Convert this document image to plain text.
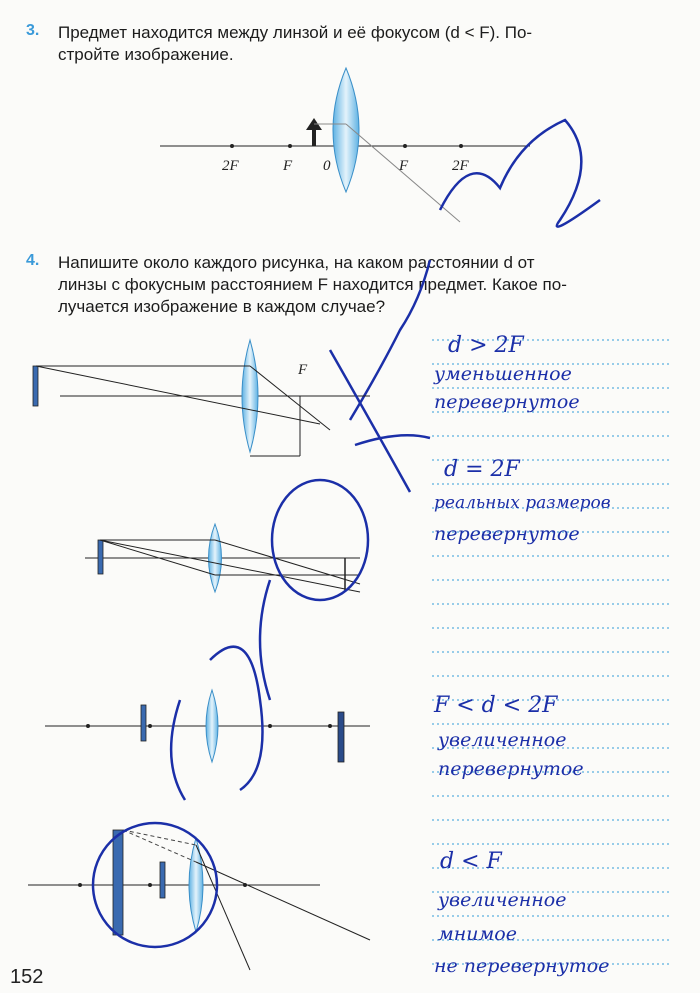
3. Предмет находится между линзой и её фокусом (d < F). По-
стройте изображение.
4. Напишите около каждого рисунка, на каком расстоянии d от
линзы с фокусным расстоянием F находится предмет. Какое по-
лучается изображение в каждом случае?
2F	F 0	F	2F
F
d > 2F
уменьшенное
перевернутое
d = 2F
реальных размеров
перевернутое
F < d < 2F
увеличенное
перевернутое
d < F
увеличенное
мнимое
не перевернутое
152
